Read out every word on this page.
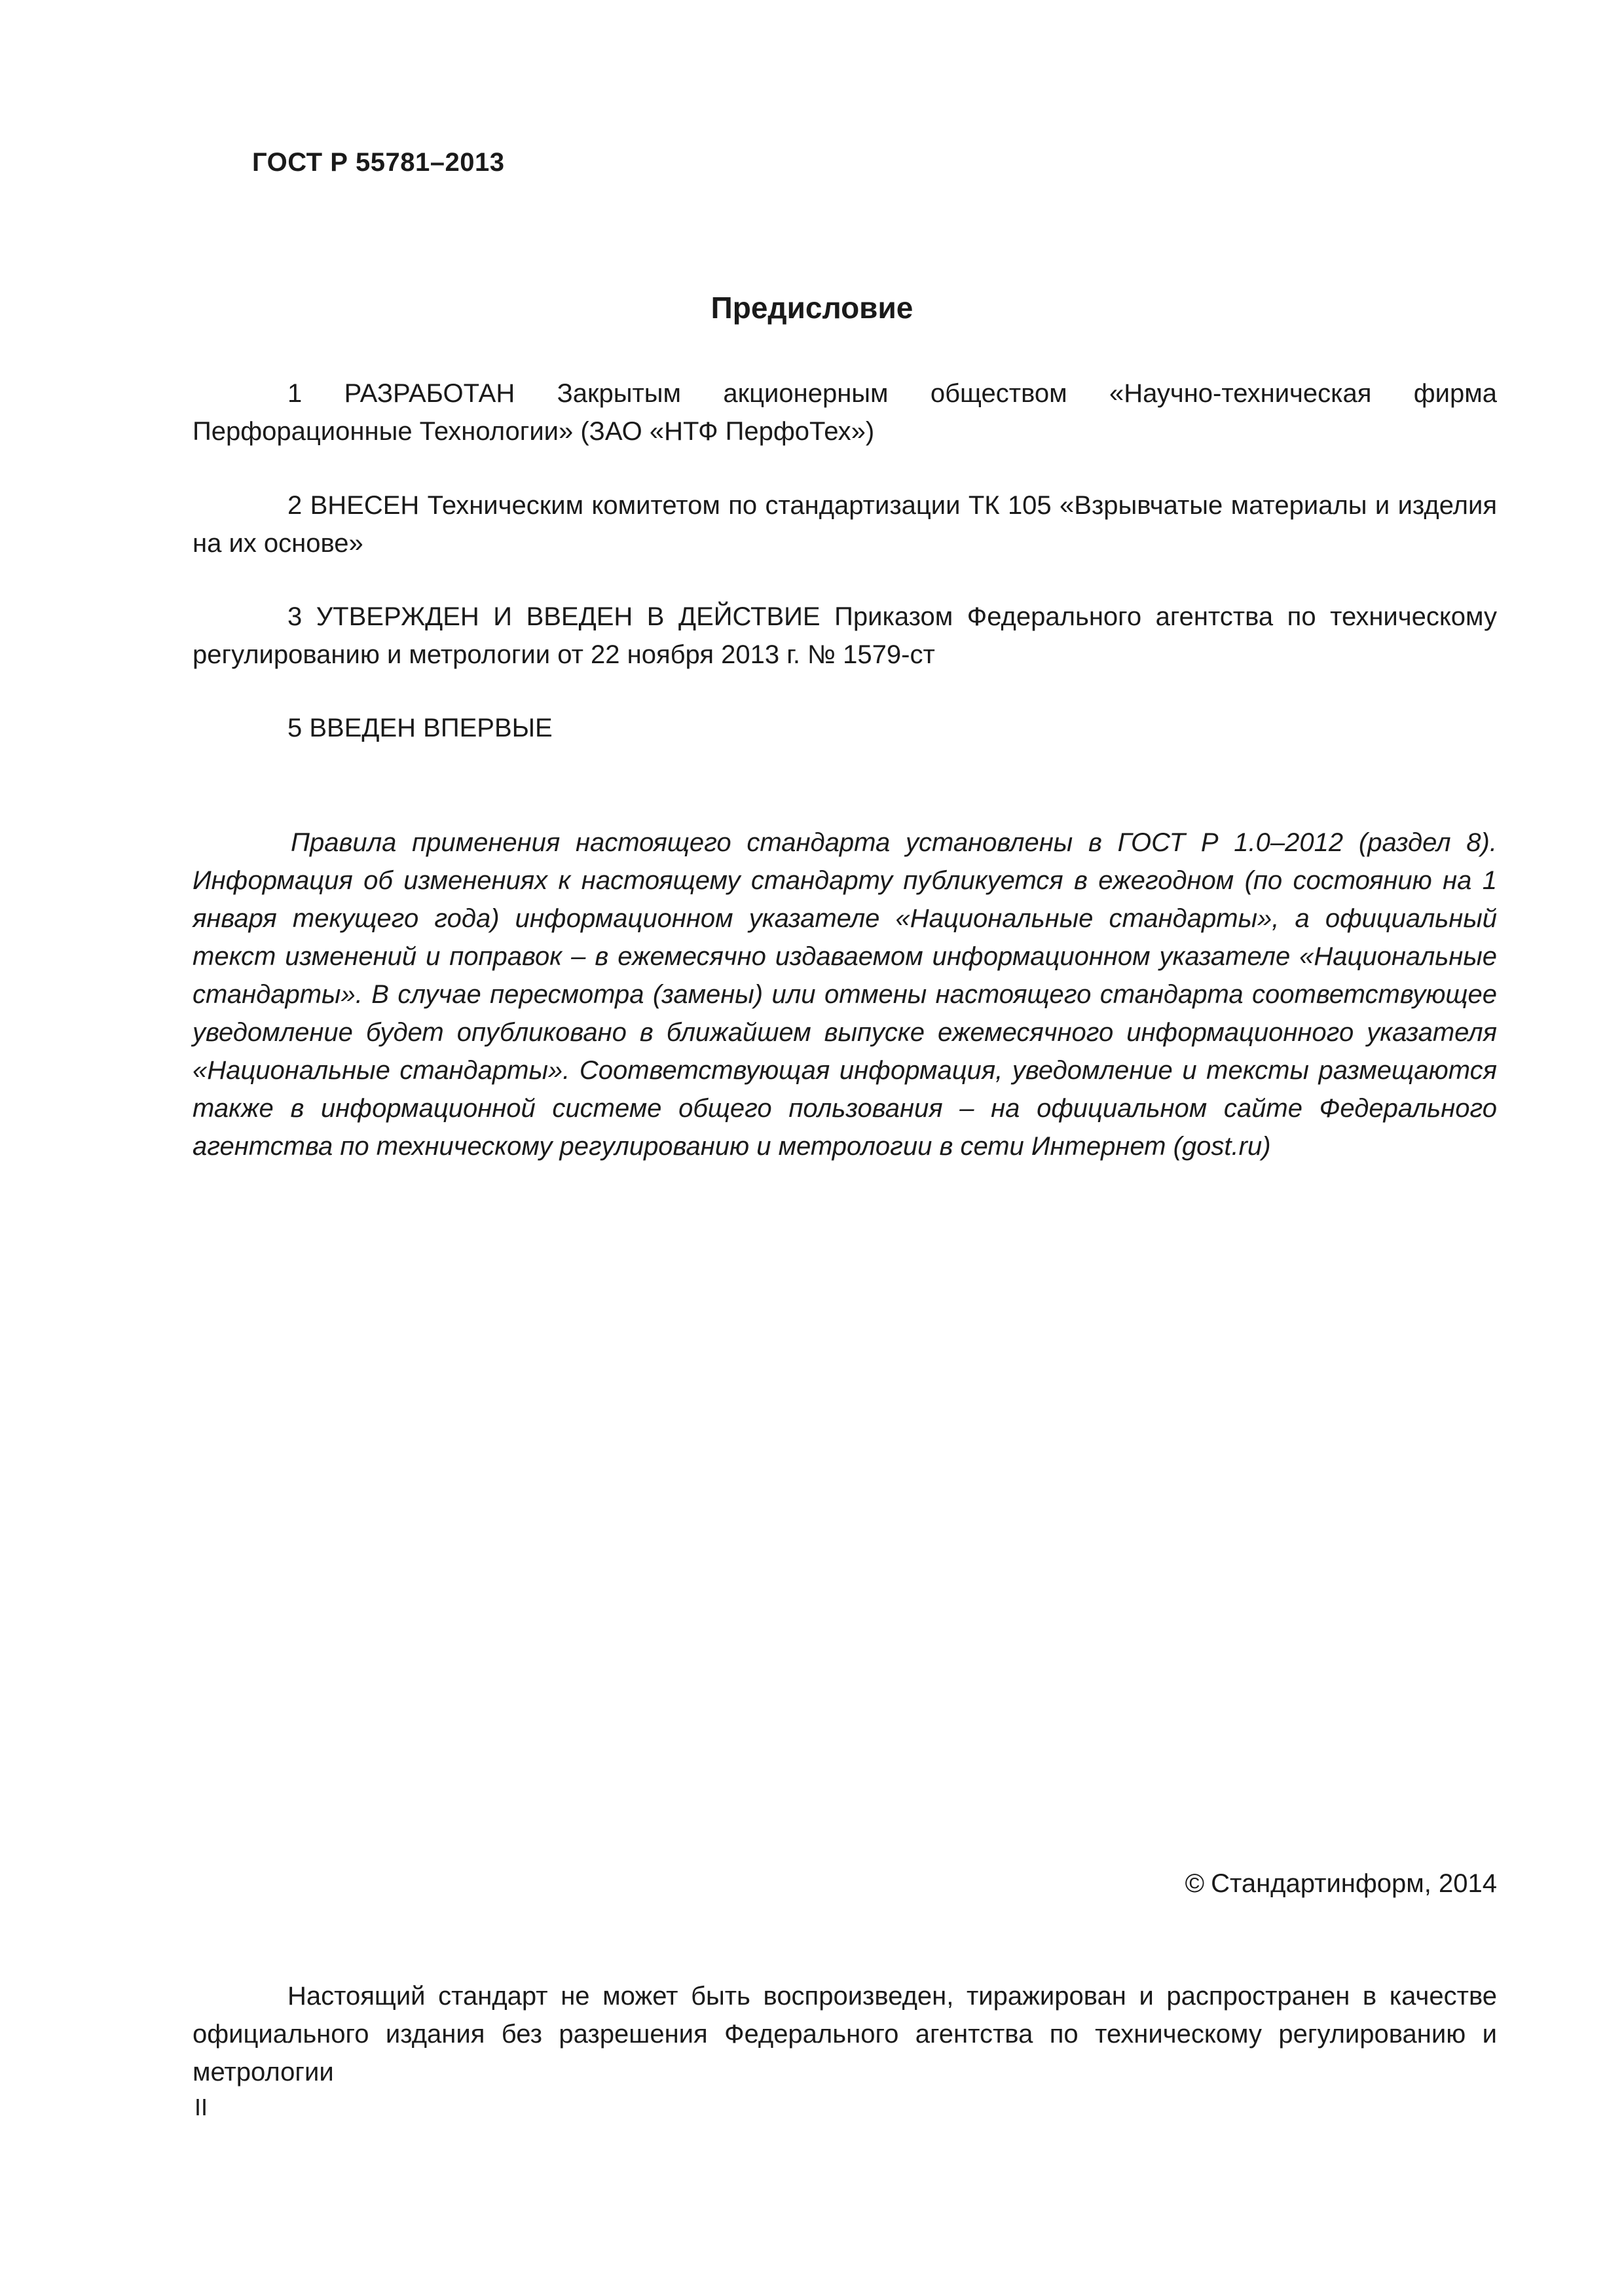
ГОСТ Р 55781–2013
Предисловие

1 РАЗРАБОТАН Закрытым акционерным обществом «Научно-техническая фирма Перфорационные Технологии» (ЗАО «НТФ ПерфоТех»)

2 ВНЕСЕН Техническим комитетом по стандартизации ТК 105 «Взрывчатые материалы и изделия на их основе»

3 УТВЕРЖДЕН И ВВЕДЕН В ДЕЙСТВИЕ Приказом Федерального агентства по техническому регулированию и метрологии от 22 ноября 2013 г. № 1579-ст

5 ВВЕДЕН ВПЕРВЫЕ

Правила применения настоящего стандарта установлены в ГОСТ Р 1.0–2012 (раздел 8). Информация об изменениях к настоящему стандарту публикуется в ежегодном (по состоянию на 1 января текущего года) информационном указателе «Национальные стандарты», а официальный текст изменений и поправок – в ежемесячно издаваемом информационном указателе «Национальные стандарты». В случае пересмотра (замены) или отмены настоящего стандарта соответствующее уведомление будет опубликовано в ближайшем выпуске ежемесячного информационного указателя «Национальные стандарты». Соответствующая информация, уведомление и тексты размещаются также в информационной системе общего пользования – на официальном сайте Федерального агентства по техническому регулированию и метрологии в сети Интернет (gost.ru)

© Стандартинформ, 2014

Настоящий стандарт не может быть воспроизведен, тиражирован и распространен в качестве официального издания без разрешения Федерального агентства по техническому регулированию и метрологии

II
